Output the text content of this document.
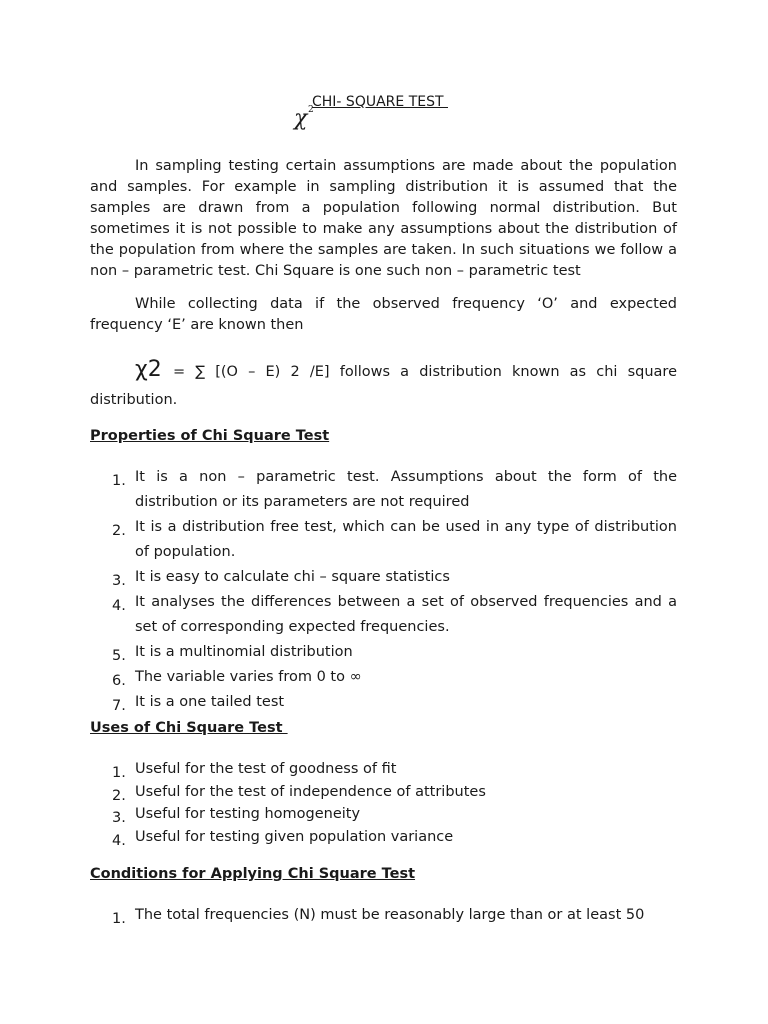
χ 2
CHI- SQUARE TEST

In sampling testing certain assumptions are made about the population and samples. For example in sampling distribution it is assumed that the samples are drawn from a population following normal distribution. But sometimes it is not possible to make any assumptions about the distribution of the population from where the samples are taken. In such situations we follow a non – parametric test. Chi Square is one such non – parametric test

While collecting data if the observed frequency ‘O’ and expected frequency ‘E’ are known then

χ2 = ∑ [(O – E) 2 /E] follows a distribution known as chi square
distribution.
Properties of Chi Square Test
1. It is a non – parametric test. Assumptions about the form of the distribution or its parameters are not required
2. It is a distribution free test, which can be used in any type of distribution of population.
3. It is easy to calculate chi – square statistics
4. It analyses the differences between a set of observed frequencies and a set of corresponding expected frequencies.
5. It is a multinomial distribution
6. The variable varies from 0 to ∞
7. It is a one tailed test
Uses of Chi Square Test
1. Useful for the test of goodness of fit
2. Useful for the test of independence of attributes
3. Useful for testing homogeneity
4. Useful for testing given population variance
Conditions for Applying Chi Square Test
1. The total frequencies (N) must be reasonably large than or at least 50
